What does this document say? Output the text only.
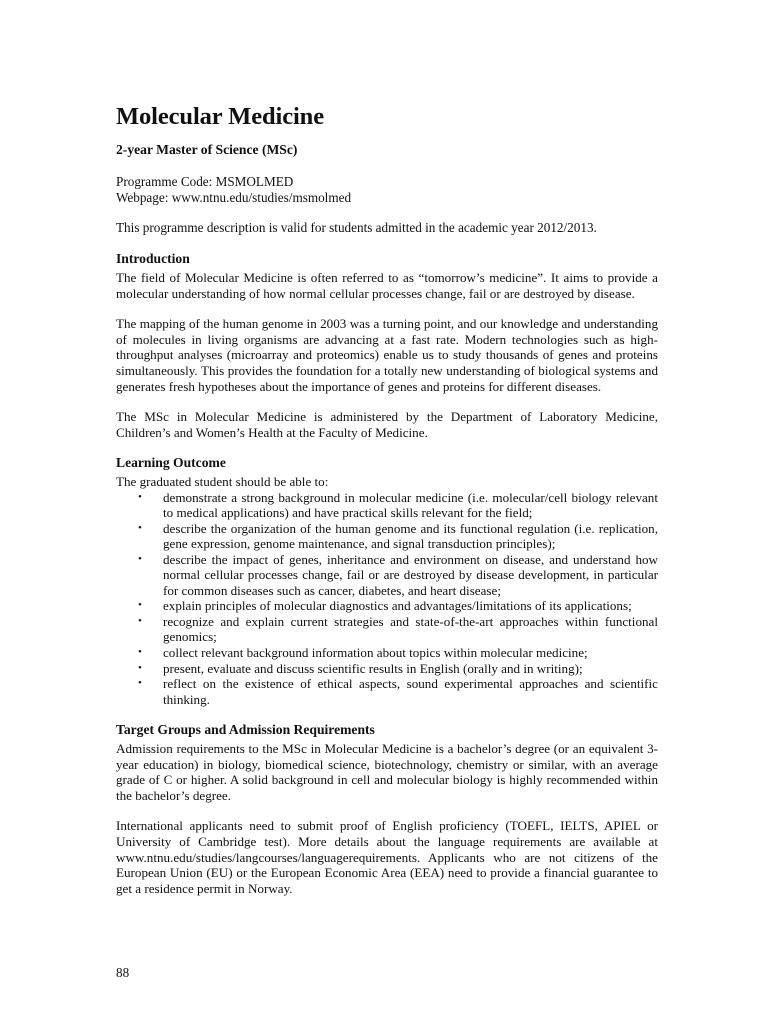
Molecular Medicine
2-year Master of Science (MSc)
Programme Code: MSMOLMED
Webpage: www.ntnu.edu/studies/msmolmed
This programme description is valid for students admitted in the academic year 2012/2013.
Introduction

The field of Molecular Medicine is often referred to as “tomorrow’s medicine”. It aims to provide a molecular understanding of how normal cellular processes change, fail or are destroyed by disease.

The mapping of the human genome in 2003 was a turning point, and our knowledge and understanding of molecules in living organisms are advancing at a fast rate. Modern technologies such as high-throughput analyses (microarray and proteomics) enable us to study thousands of genes and proteins simultaneously. This provides the foundation for a totally new understanding of biological systems and generates fresh hypotheses about the importance of genes and proteins for different diseases.

The MSc in Molecular Medicine is administered by the Department of Laboratory Medicine, Children’s and Women’s Health at the Faculty of Medicine.

Learning Outcome

The graduated student should be able to:

• demonstrate a strong background in molecular medicine (i.e. molecular/cell biology relevant to medical applications) and have practical skills relevant for the field;
• describe the organization of the human genome and its functional regulation (i.e. replication, gene expression, genome maintenance, and signal transduction principles);
• describe the impact of genes, inheritance and environment on disease, and understand how normal cellular processes change, fail or are destroyed by disease development, in particular for common diseases such as cancer, diabetes, and heart disease;
• explain principles of molecular diagnostics and advantages/limitations of its applications;
• recognize and explain current strategies and state-of-the-art approaches within functional genomics;
• collect relevant background information about topics within molecular medicine;
• present, evaluate and discuss scientific results in English (orally and in writing);
• reflect on the existence of ethical aspects, sound experimental approaches and scientific thinking.
Target Groups and Admission Requirements

Admission requirements to the MSc in Molecular Medicine is a bachelor’s degree (or an equivalent 3-year education) in biology, biomedical science, biotechnology, chemistry or similar, with an average grade of C or higher. A solid background in cell and molecular biology is highly recommended within the bachelor’s degree.

International applicants need to submit proof of English proficiency (TOEFL, IELTS, APIEL or University of Cambridge test). More details about the language requirements are available at www.ntnu.edu/studies/langcourses/languagerequirements. Applicants who are not citizens of the European Union (EU) or the European Economic Area (EEA) need to provide a financial guarantee to get a residence permit in Norway.

88
